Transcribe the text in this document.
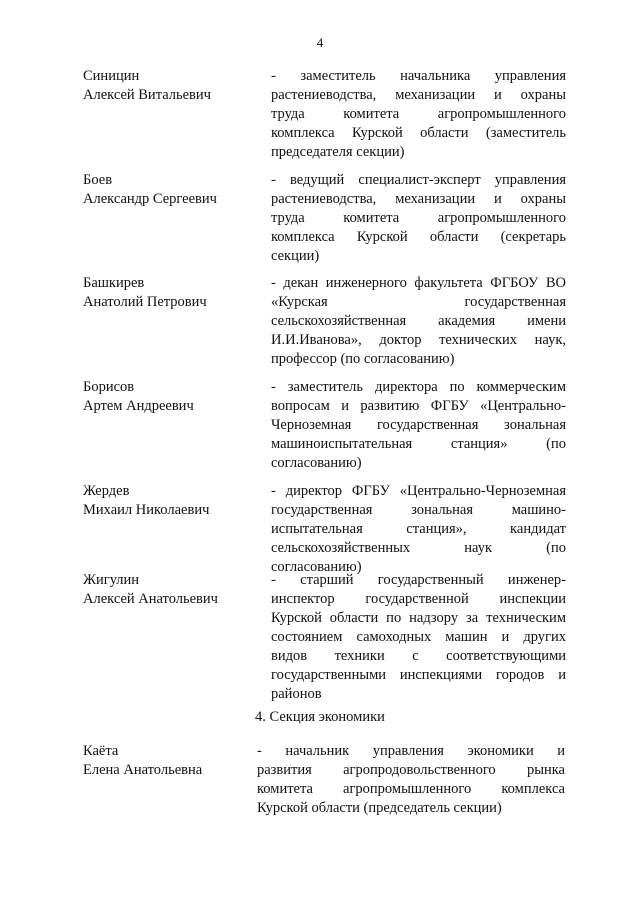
4
Синицин
Алексей Витальевич
- заместитель начальника управления
растениеводства, механизации и охраны
труда комитета агропромышленного
комплекса Курской области (заместитель
председателя секции)
Боев
Александр Сергеевич
- ведущий специалист-эксперт управления
растениеводства, механизации и охраны
труда комитета агропромышленного
комплекса Курской области (секретарь
секции)
Башкирев
Анатолий Петрович
- декан инженерного факультета ФГБОУ ВО
«Курская государственная
сельскохозяйственная академия имени
И.И.Иванова», доктор технических наук,
профессор (по согласованию)
Борисов
Артем Андреевич
- заместитель директора по коммерческим
вопросам и развитию ФГБУ «Центрально-
Черноземная государственная зональная
машиноиспытательная станция» (по
согласованию)
Жердев
Михаил Николаевич
- директор ФГБУ «Центрально-Черноземная
государственная зональная машино-
испытательная станция», кандидат
сельскохозяйственных наук (по
согласованию)
Жигулин
Алексей Анатольевич
- старший государственный инженер-
инспектор государственной инспекции
Курской области по надзору за техническим
состоянием самоходных машин и других
видов техники с соответствующими
государственными инспекциями городов и
районов
4. Секция экономики
Каёта
Елена Анатольевна
- начальник управления экономики и
развития агропродовольственного рынка
комитета агропромышленного комплекса
Курской области (председатель секции)
